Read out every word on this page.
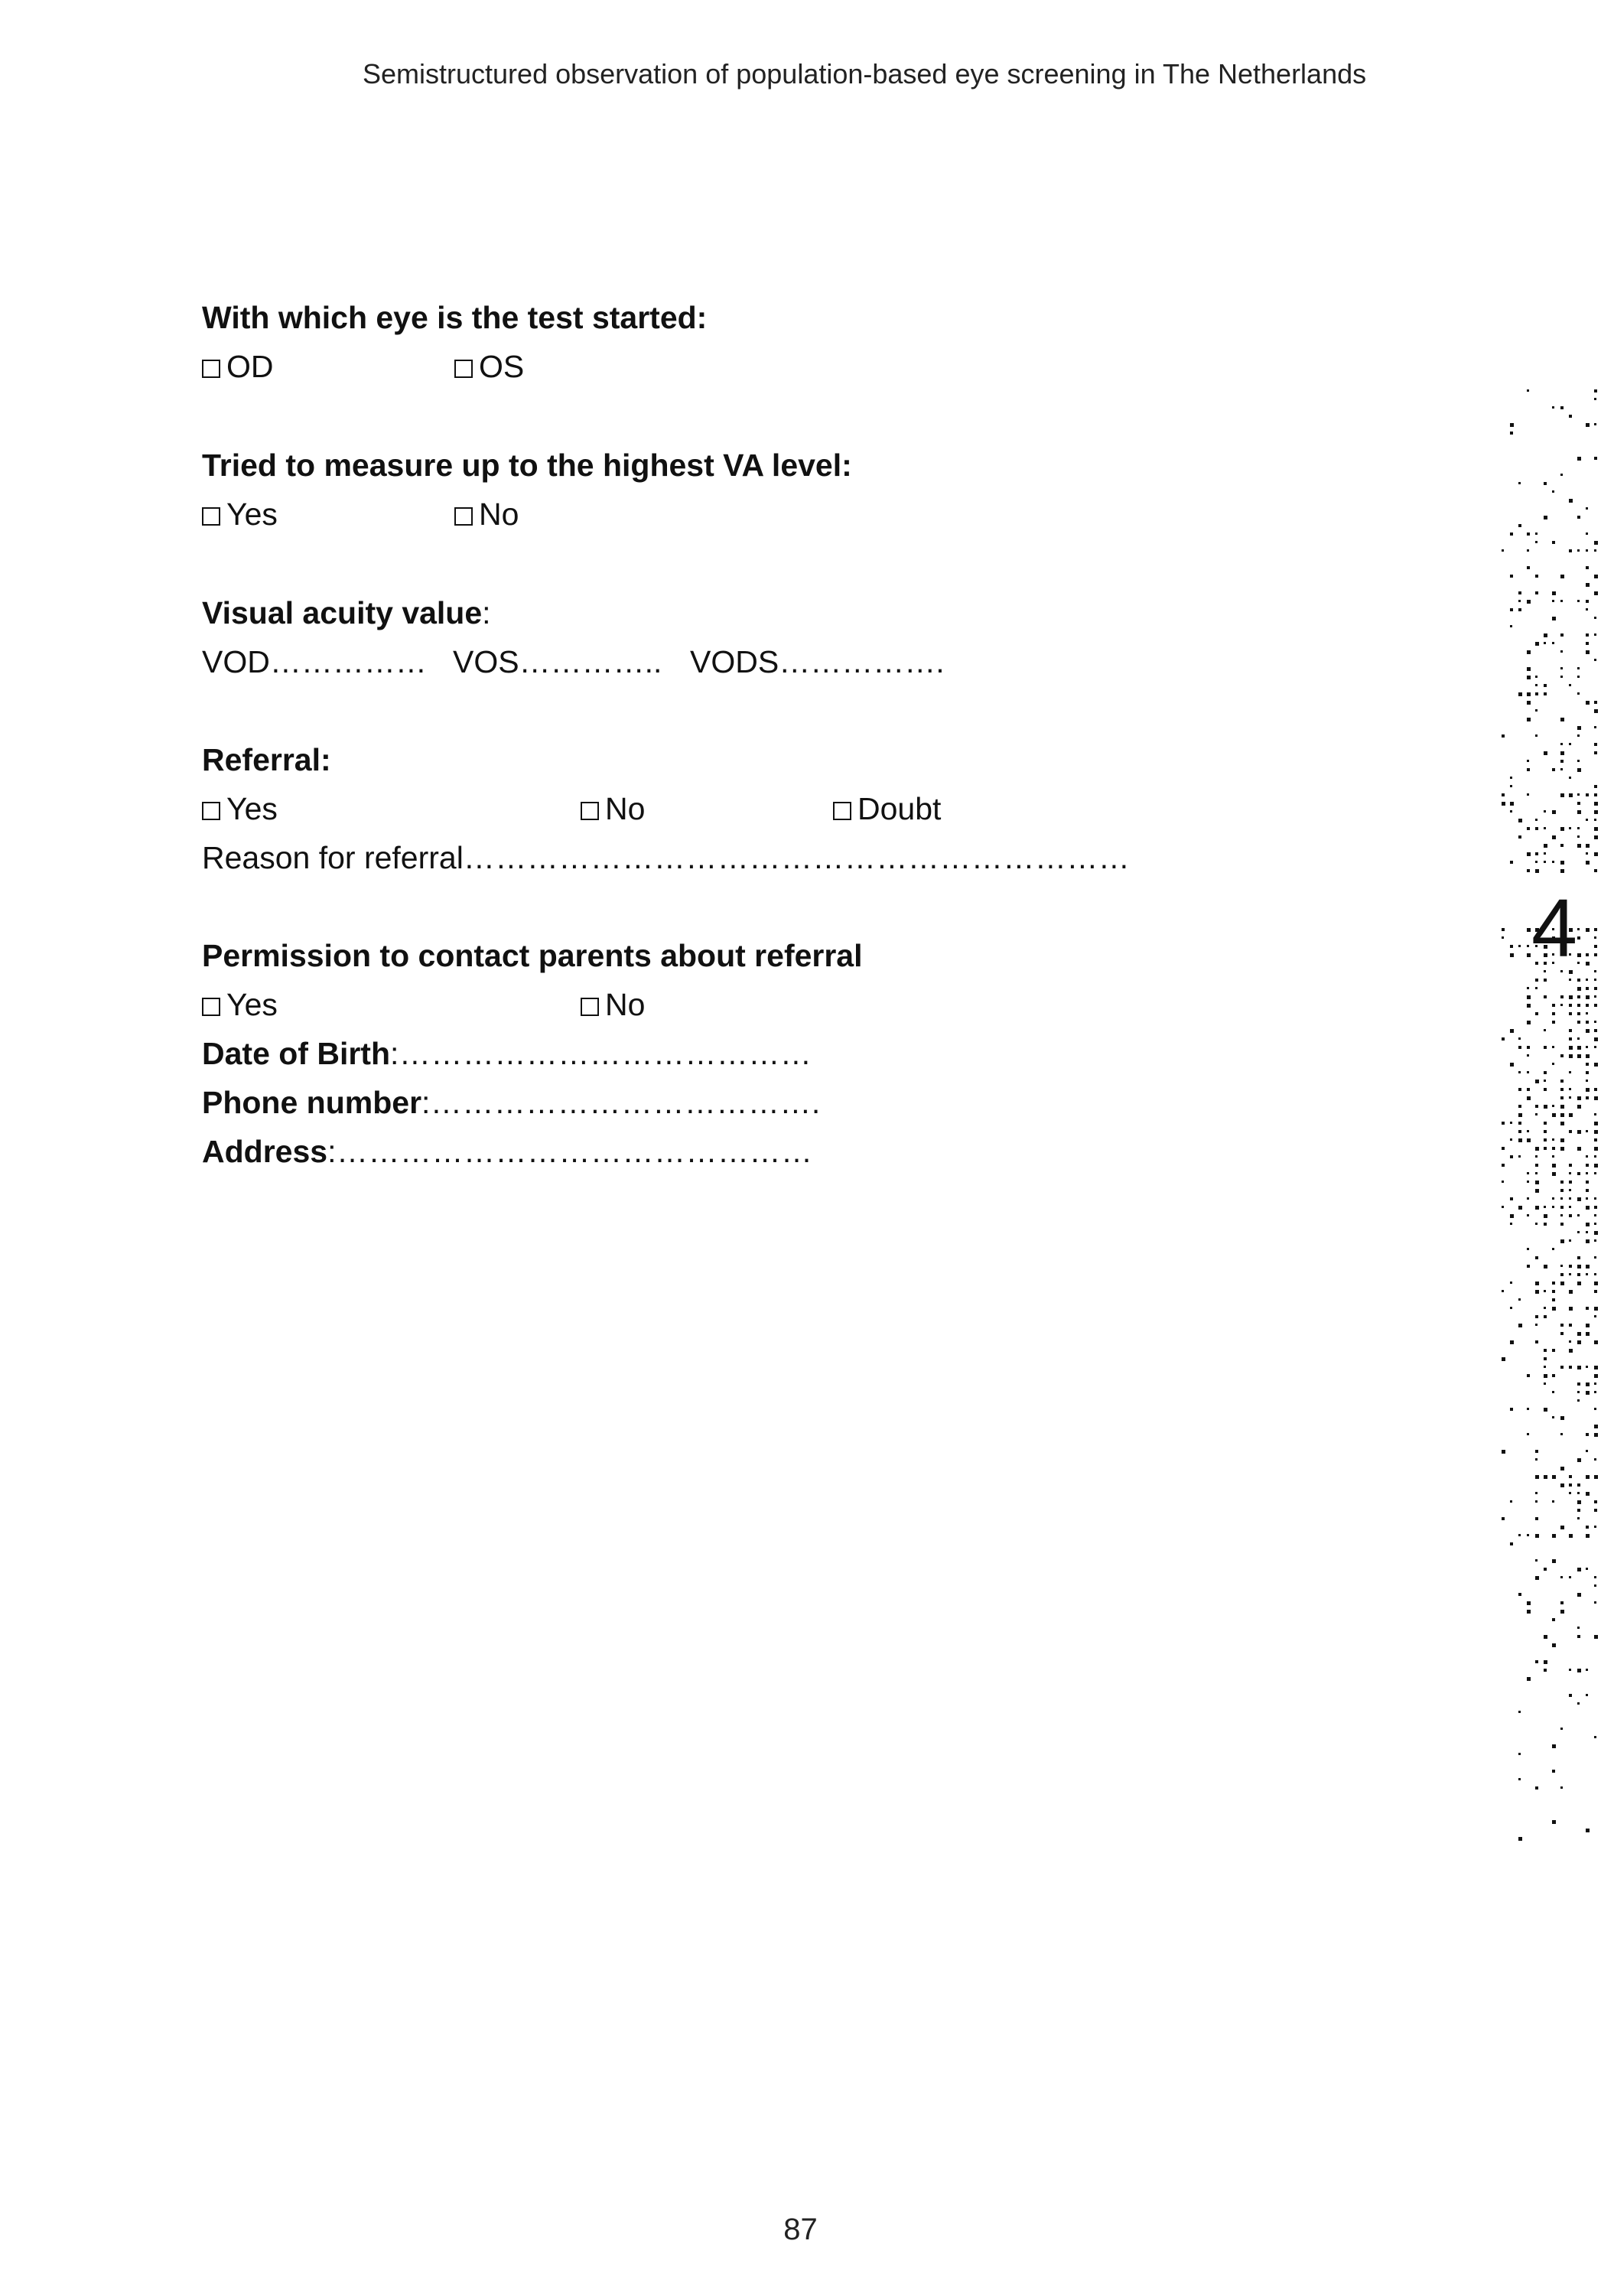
Semistructured observation of population-based eye screening in The Netherlands
With which eye is the test started:
OD	OS
Tried to measure up to the highest VA level:
Yes	No
Visual acuity value:
VOD…………… VOS………….. VODS…………….
Referral:
Yes	No	Doubt
Reason for referral………………………………………………………
Permission to contact parents about referral
Yes	No
Date of Birth:…………………………………
Phone number:……………………………….
Address:………………………………………
4
87
